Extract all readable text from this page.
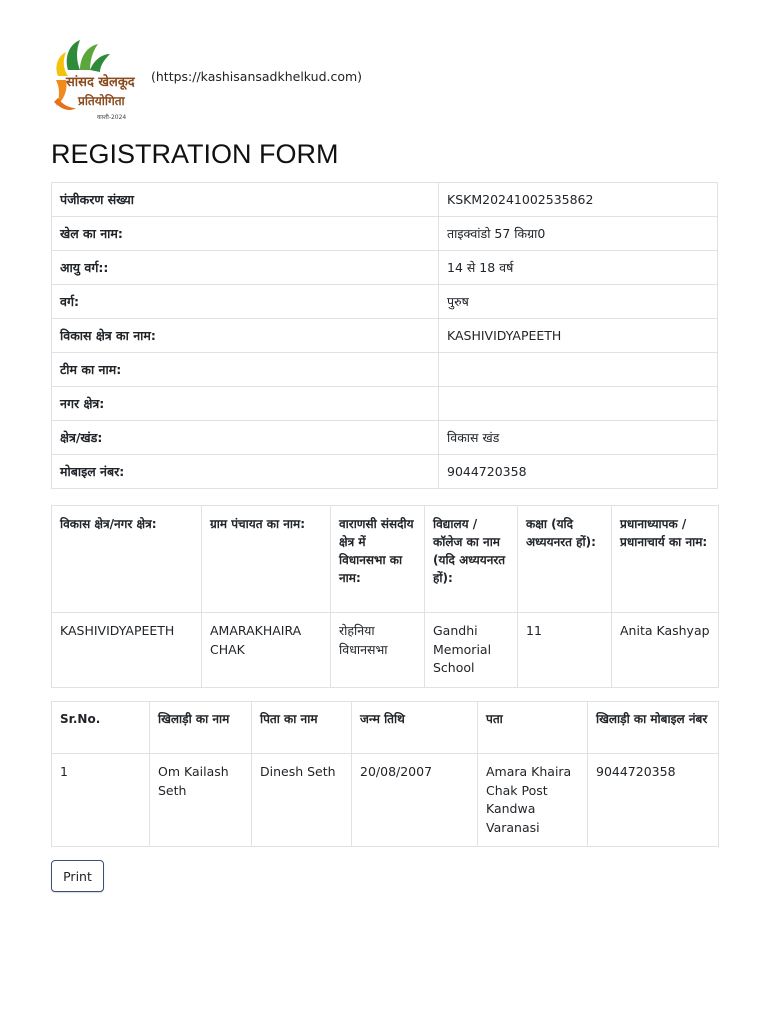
सांसद खेलकूद
प्रतियोगिता
काशी-2024
(https://kashisansadkhelkud.com)
REGISTRATION FORM
पंजीकरण संख्या	KSKM20241002535862
खेल का नाम:	ताइक्वांडो 57 किग्रा0
आयु वर्ग::	14 से 18 वर्ष
वर्ग:	पुरुष
विकास क्षेत्र का नाम:	KASHIVIDYAPEETH
टीम का नाम:	
नगर क्षेत्र:	
क्षेत्र/खंड:	विकास खंड
मोबाइल नंबर:	9044720358
विकास क्षेत्र/नगर क्षेत्र:	ग्राम पंचायत का नाम:	वाराणसी संसदीय क्षेत्र में विधानसभा का नाम:	विद्यालय / कॉलेज का नाम (यदि अध्ययनरत हों):	कक्षा (यदि अध्ययनरत हों):	प्रधानाध्यापक / प्रधानाचार्य का नाम:
KASHIVIDYAPEETH	AMARAKHAIRA CHAK	रोहनिया विधानसभा	Gandhi Memorial School	11	Anita Kashyap
Sr.No.	खिलाड़ी का नाम	पिता का नाम	जन्म तिथि	पता	खिलाड़ी का मोबाइल नंबर
1	Om Kailash Seth	Dinesh Seth	20/08/2007	Amara Khaira Chak Post Kandwa Varanasi	9044720358
Print
